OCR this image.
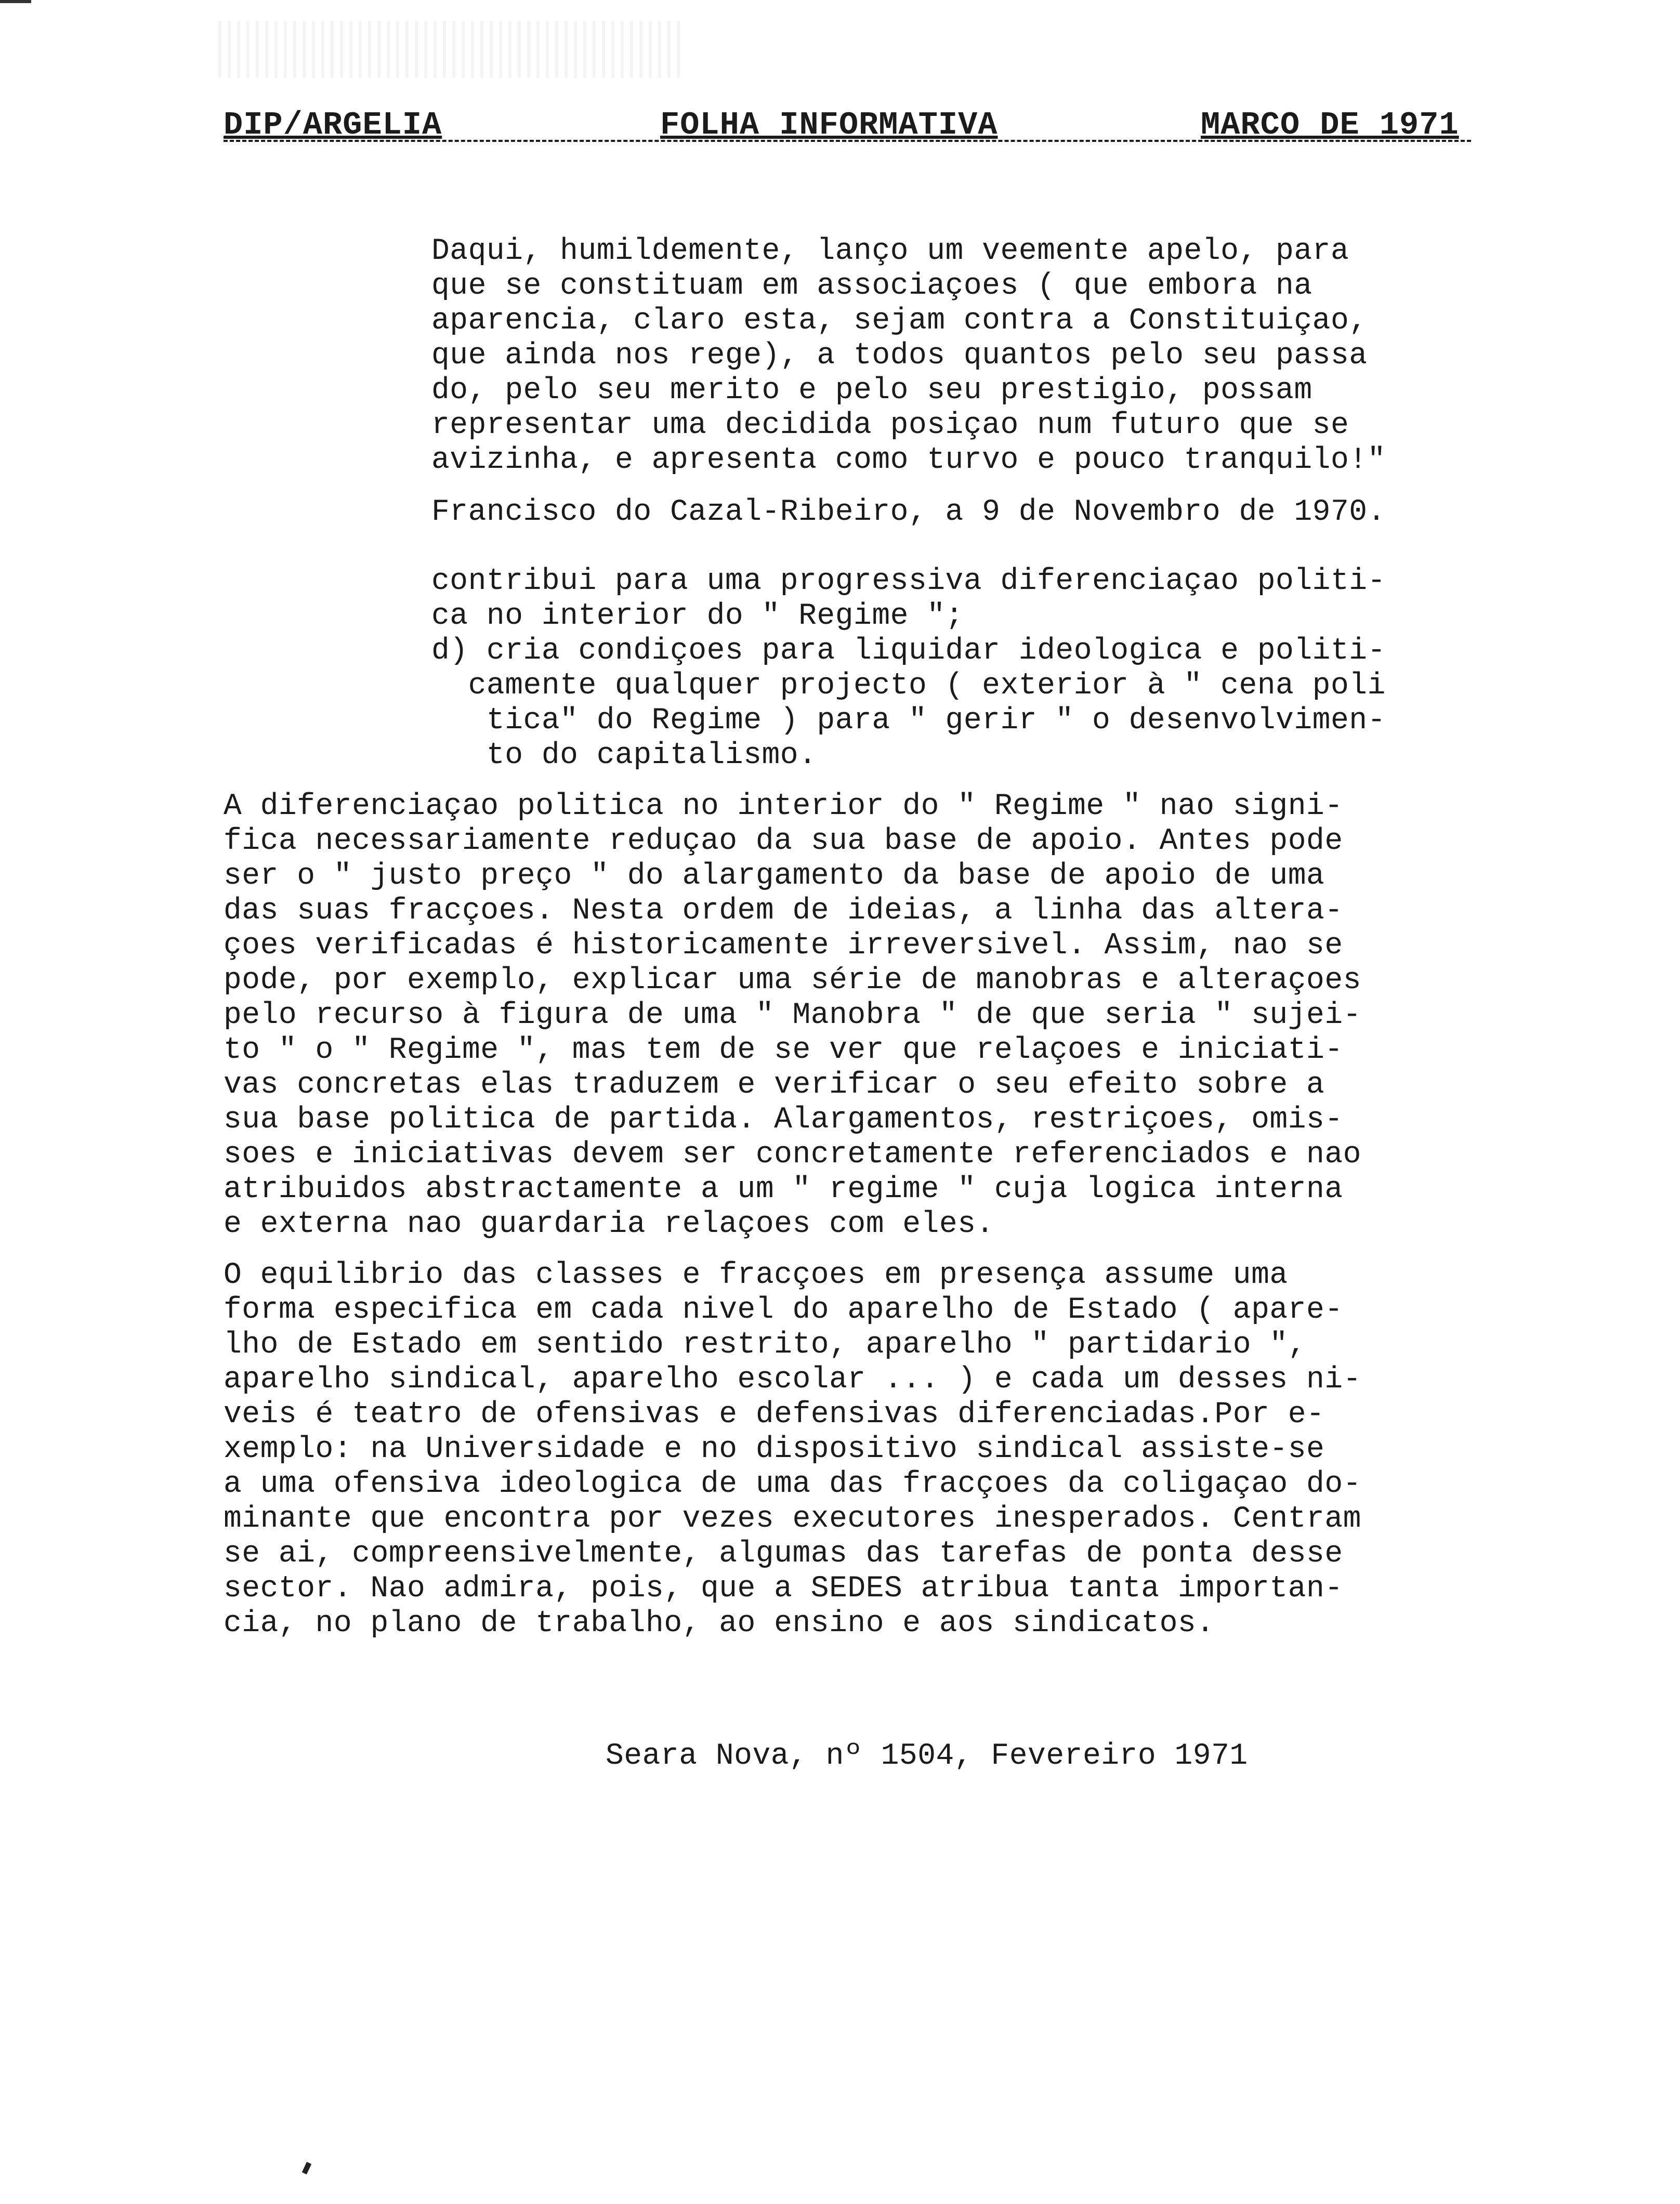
DIP/ARGELIA	FOLHA INFORMATIVA	MARCO DE 1971
Daqui, humildemente, lanço um veemente apelo, para
que se constituam em associaçoes ( que embora na
aparencia, claro esta, sejam contra a Constituiçao,
que ainda nos rege), a todos quantos pelo seu passa
do, pelo seu merito e pelo seu prestigio, possam
representar uma decidida posiçao num futuro que se
avizinha, e apresenta como turvo e pouco tranquilo!"
Francisco do Cazal-Ribeiro, a 9 de Novembro de 1970.
contribui para uma progressiva diferenciaçao politi-
ca no interior do " Regime ";
d) cria condiçoes para liquidar ideologica e politi-
camente qualquer projecto ( exterior à " cena poli
tica" do Regime ) para " gerir " o desenvolvimen-
to do capitalismo.
A diferenciaçao politica no interior do " Regime " nao signi-
fica necessariamente reduçao da sua base de apoio. Antes pode
ser o " justo preço " do alargamento da base de apoio de uma
das suas fracçoes. Nesta ordem de ideias, a linha das altera-
çoes verificadas é historicamente irreversivel. Assim, nao se
pode, por exemplo, explicar uma série de manobras e alteraçoes
pelo recurso à figura de uma " Manobra " de que seria " sujei-
to " o " Regime ", mas tem de se ver que relaçoes e iniciati-
vas concretas elas traduzem e verificar o seu efeito sobre a
sua base politica de partida. Alargamentos, restriçoes, omis-
soes e iniciativas devem ser concretamente referenciados e nao
atribuidos abstractamente a um " regime " cuja logica interna
e externa nao guardaria relaçoes com eles.
O equilibrio das classes e fracçoes em presença assume uma
forma especifica em cada nivel do aparelho de Estado ( apare-
lho de Estado em sentido restrito, aparelho " partidario ",
aparelho sindical, aparelho escolar ... ) e cada um desses ni-
veis é teatro de ofensivas e defensivas diferenciadas.Por e-
xemplo: na Universidade e no dispositivo sindical assiste-se
a uma ofensiva ideologica de uma das fracçoes da coligaçao do-
minante que encontra por vezes executores inesperados. Centram
se ai, compreensivelmente, algumas das tarefas de ponta desse
sector. Nao admira, pois, que a SEDES atribua tanta importan-
cia, no plano de trabalho, ao ensino e aos sindicatos.
Seara Nova, nº 1504, Fevereiro 1971
